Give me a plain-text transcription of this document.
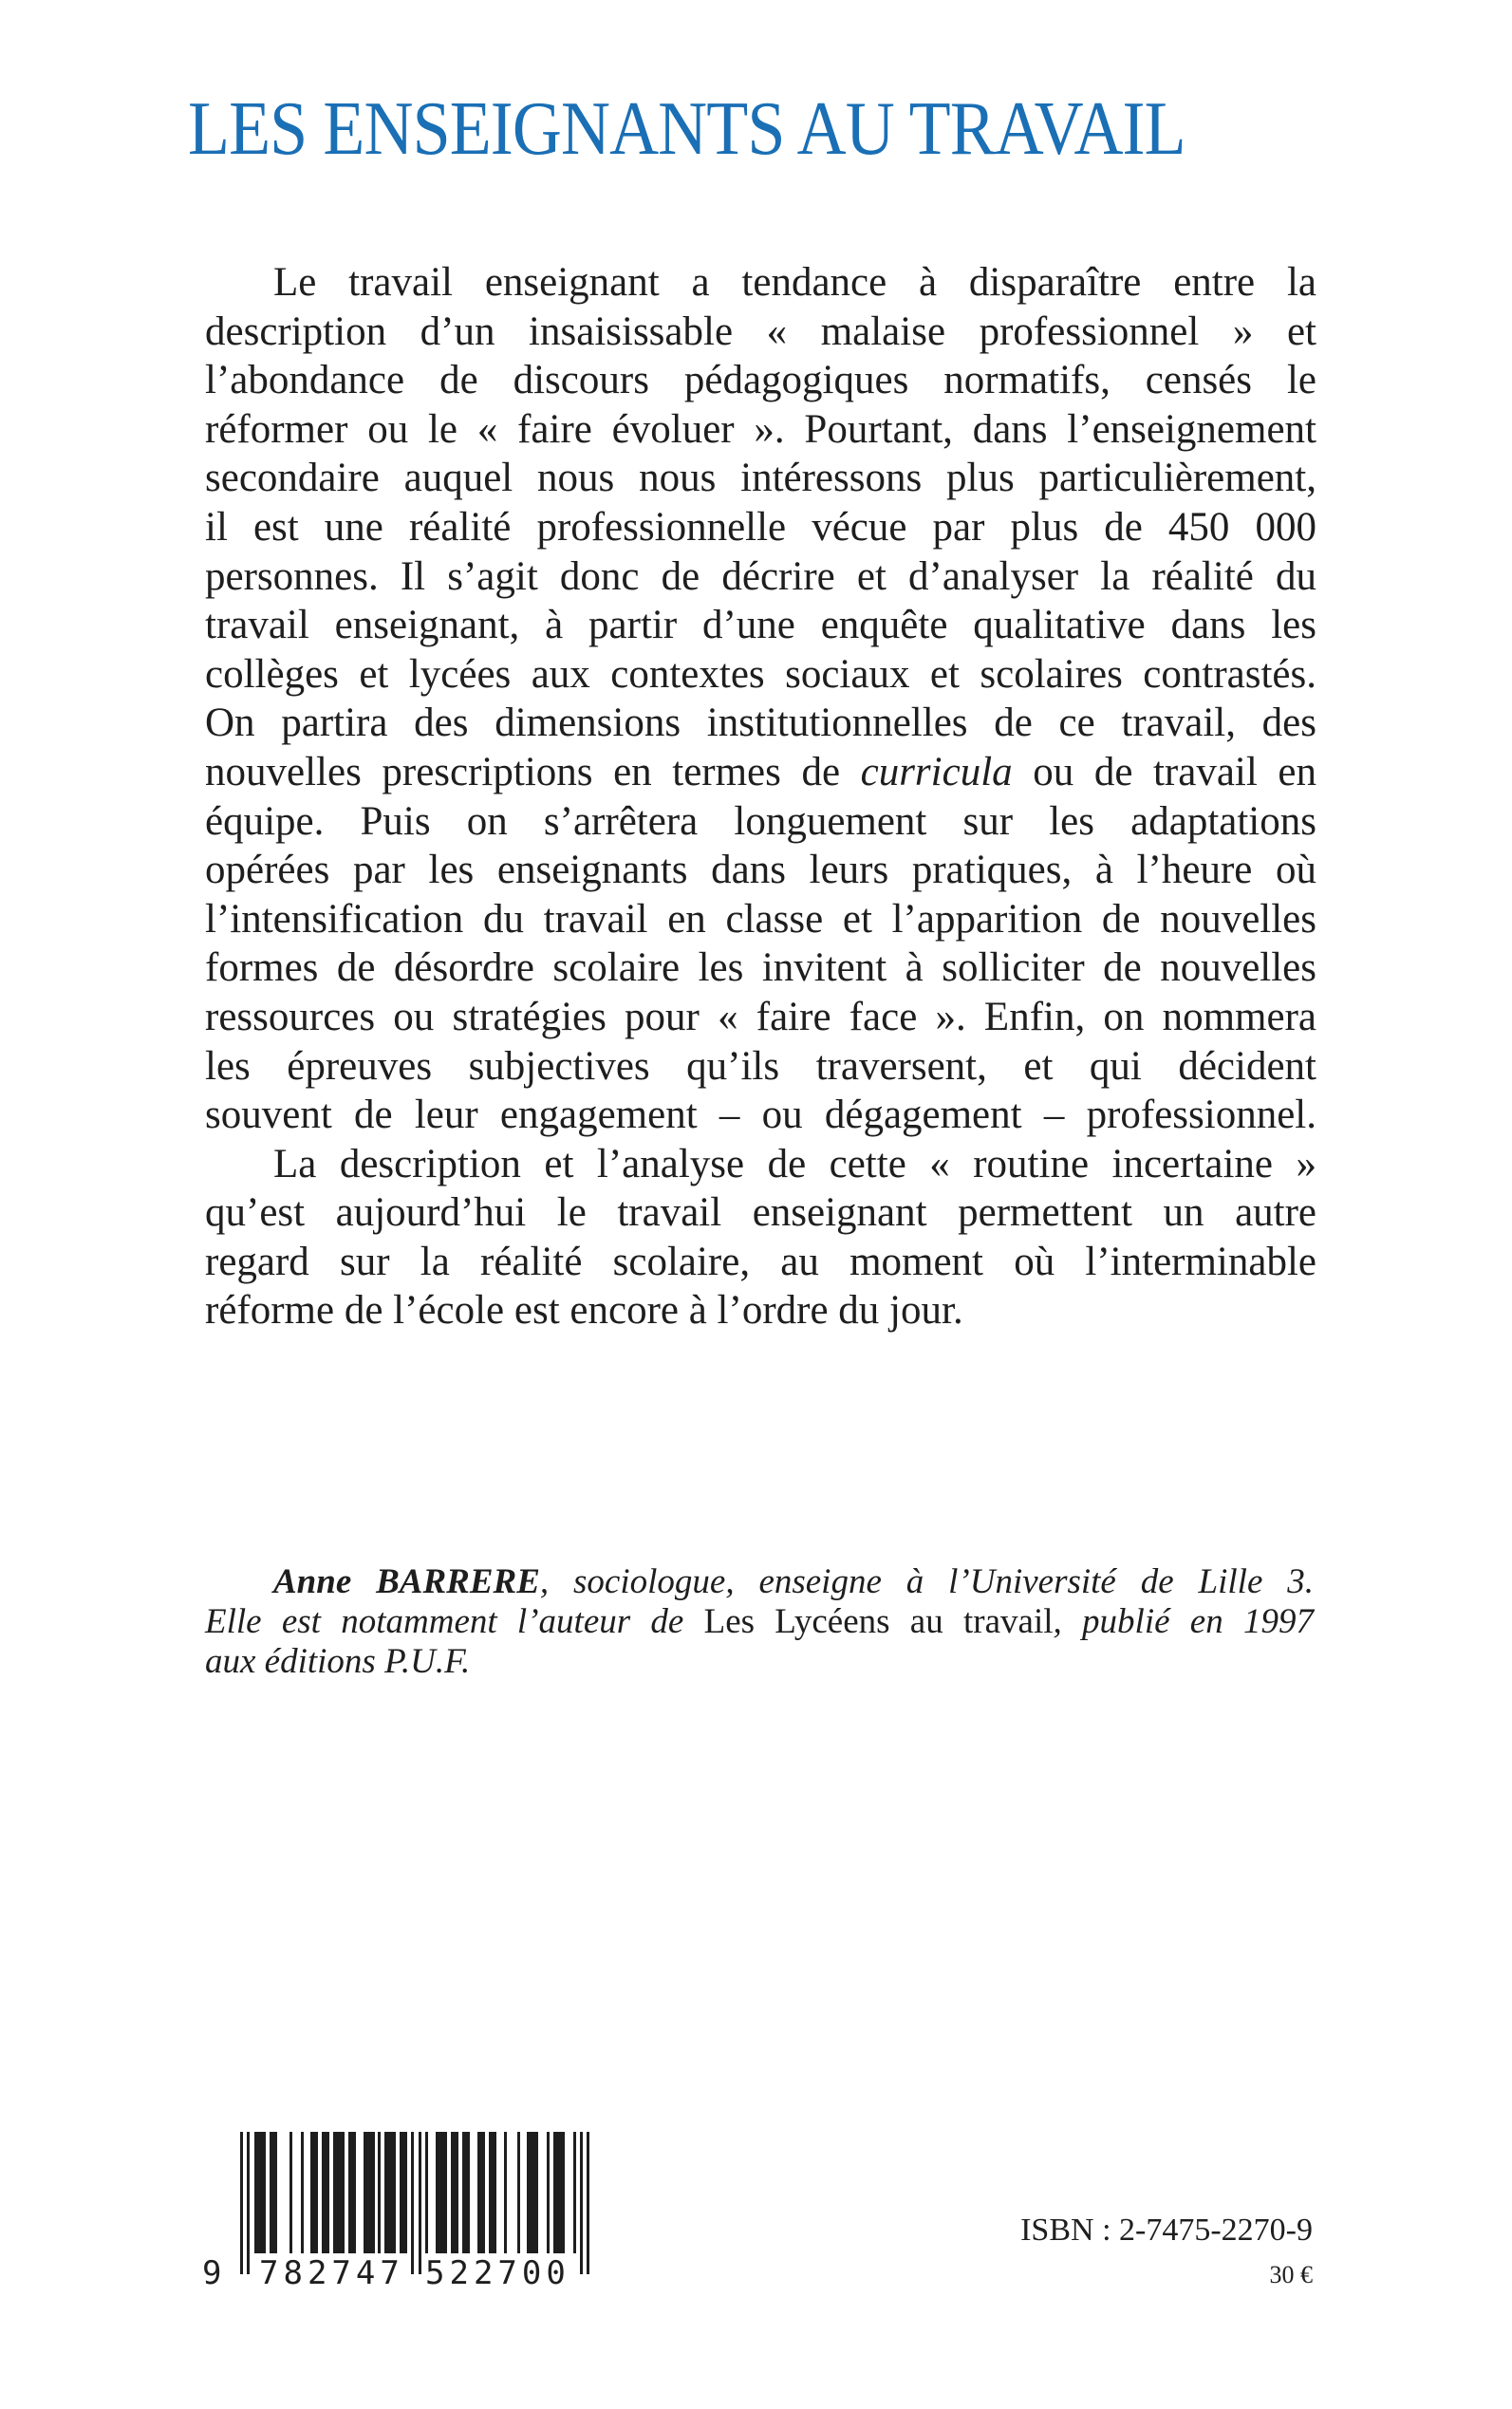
LES ENSEIGNANTS AU TRAVAIL
Le travail enseignant a tendance à disparaître entre la
description d’un insaisissable « malaise professionnel » et
l’abondance de discours pédagogiques normatifs, censés le
réformer ou le « faire évoluer ». Pourtant, dans l’enseignement
secondaire auquel nous nous intéressons plus particulièrement,
il est une réalité professionnelle vécue par plus de 450 000
personnes. Il s’agit donc de décrire et d’analyser la réalité du
travail enseignant, à partir d’une enquête qualitative dans les
collèges et lycées aux contextes sociaux et scolaires contrastés.
On partira des dimensions institutionnelles de ce travail, des
nouvelles prescriptions en termes de curricula ou de travail en
équipe. Puis on s’arrêtera longuement sur les adaptations
opérées par les enseignants dans leurs pratiques, à l’heure où
l’intensification du travail en classe et l’apparition de nouvelles
formes de désordre scolaire les invitent à solliciter de nouvelles
ressources ou stratégies pour « faire face ». Enfin, on nommera
les épreuves subjectives qu’ils traversent, et qui décident
souvent de leur engagement – ou dégagement – professionnel.
La description et l’analyse de cette « routine incertaine »
qu’est aujourd’hui le travail enseignant permettent un autre
regard sur la réalité scolaire, au moment où l’interminable
réforme de l’école est encore à l’ordre du jour.
Anne BARRERE, sociologue, enseigne à l’Université de Lille 3.
Elle est notamment l’auteur de Les Lycéens au travail, publié en 1997
aux éditions P.U.F.
9 782747 522700
ISBN : 2-7475-2270-9
30 €
